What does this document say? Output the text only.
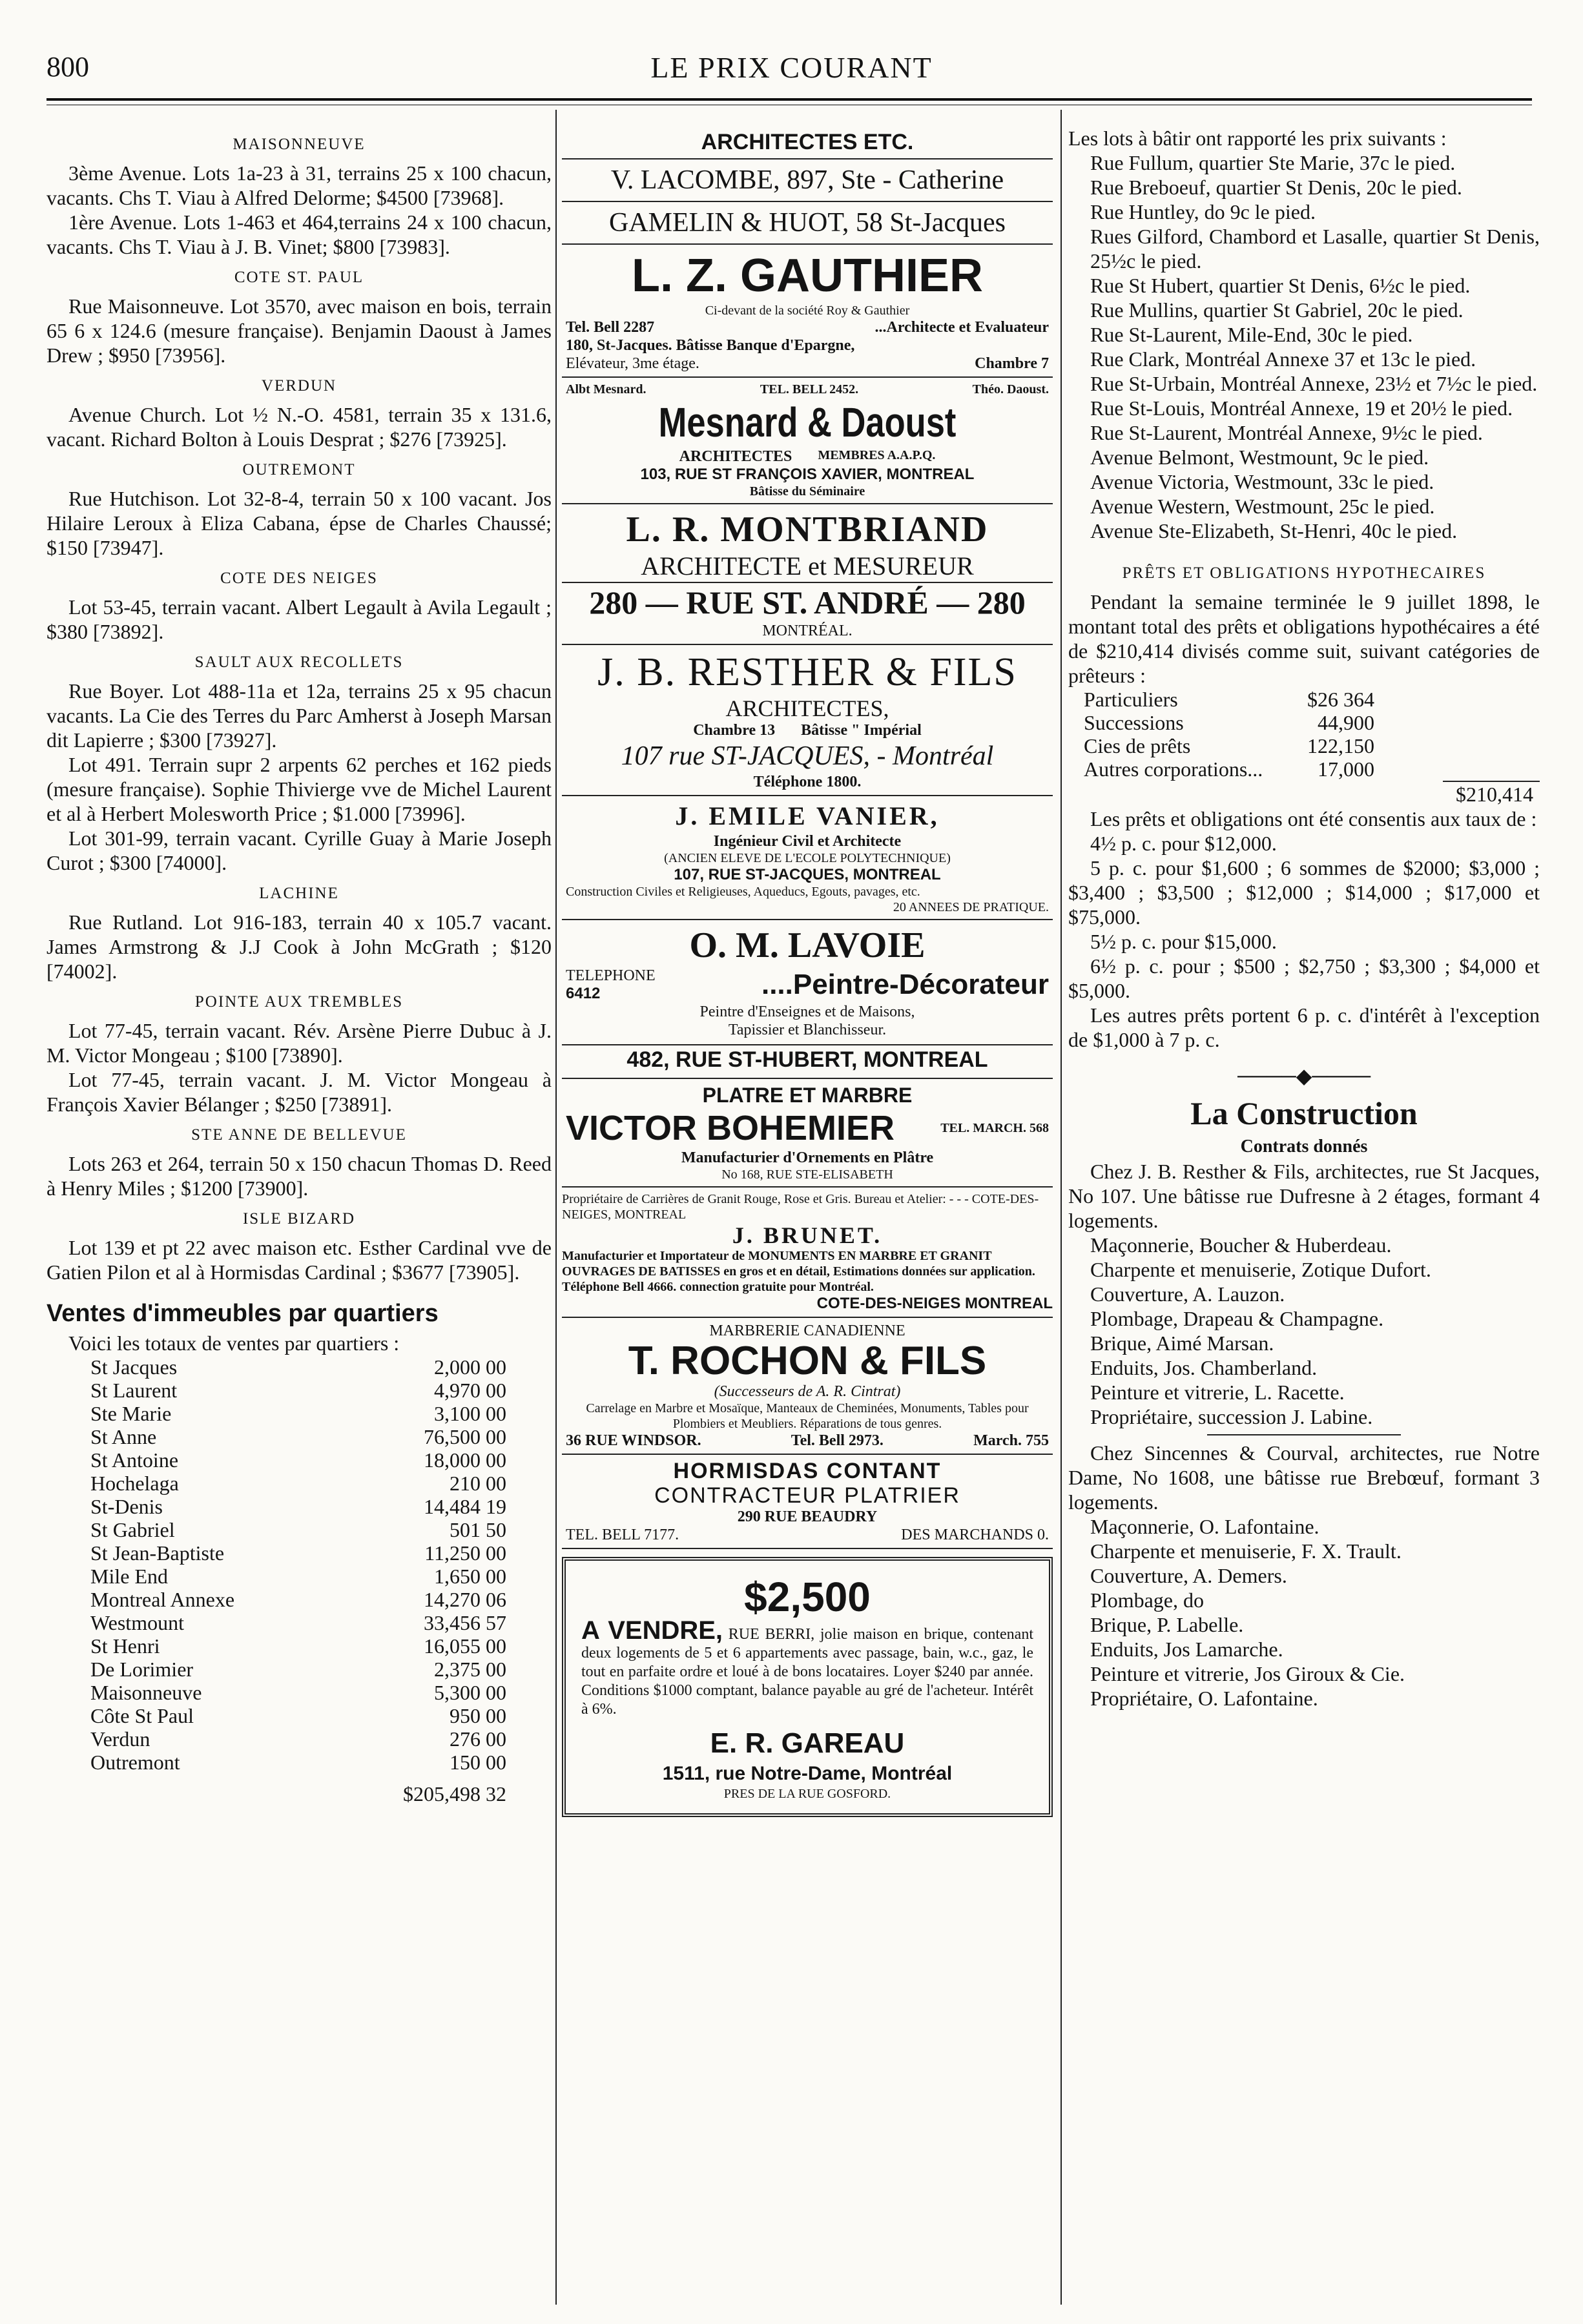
800	LE PRIX COURANT
MAISONNEUVE

3ème Avenue. Lots 1a-23 à 31, terrains 25 x 100 chacun, vacants. Chs T. Viau à Alfred Delorme; $4500 [73968].

1ère Avenue. Lots 1-463 et 464,terrains 24 x 100 chacun, vacants. Chs T. Viau à J. B. Vinet; $800 [73983].

COTE ST. PAUL

Rue Maisonneuve. Lot 3570, avec maison en bois, terrain 65 6 x 124.6 (mesure française). Benjamin Daoust à James Drew ; $950 [73956].

VERDUN

Avenue Church. Lot ½ N.-O. 4581, terrain 35 x 131.6, vacant. Richard Bolton à Louis Desprat ; $276 [73925].

OUTREMONT

Rue Hutchison. Lot 32-8-4, terrain 50 x 100 vacant. Jos Hilaire Leroux à Eliza Cabana, épse de Charles Chaussé; $150 [73947].

COTE DES NEIGES

Lot 53-45, terrain vacant. Albert Legault à Avila Legault ; $380 [73892].

SAULT AUX RECOLLETS

Rue Boyer. Lot 488-11a et 12a, terrains 25 x 95 chacun vacants. La Cie des Terres du Parc Amherst à Joseph Marsan dit Lapierre ; $300 [73927].

Lot 491. Terrain supr 2 arpents 62 perches et 162 pieds (mesure française). Sophie Thivierge vve de Michel Laurent et al à Herbert Molesworth Price ; $1.000 [73996].

Lot 301-99, terrain vacant. Cyrille Guay à Marie Joseph Curot ; $300 [74000].

LACHINE

Rue Rutland. Lot 916-183, terrain 40 x 105.7 vacant. James Armstrong & J.J Cook à John McGrath ; $120 [74002].

POINTE AUX TREMBLES

Lot 77-45, terrain vacant. Rév. Arsène Pierre Dubuc à J. M. Victor Mongeau ; $100 [73890].

Lot 77-45, terrain vacant. J. M. Victor Mongeau à François Xavier Bélanger ; $250 [73891].

STE ANNE DE BELLEVUE

Lots 263 et 264, terrain 50 x 150 chacun Thomas D. Reed à Henry Miles ; $1200 [73900].

ISLE BIZARD

Lot 139 et pt 22 avec maison etc. Esther Cardinal vve de Gatien Pilon et al à Hormisdas Cardinal ; $3677 [73905].

Ventes d'immeubles par quartiers

Voici les totaux de ventes par quartiers :

St Jacques	2,000 00
St Laurent	4,970 00
Ste Marie	3,100 00
St Anne	76,500 00
St Antoine	18,000 00
Hochelaga	210 00
St-Denis	14,484 19
St Gabriel	501 50
St Jean-Baptiste	11,250 00
Mile End	1,650 00
Montreal Annexe	14,270 06
Westmount	33,456 57
St Henri	16,055 00
De Lorimier	2,375 00
Maisonneuve	5,300 00
Côte St Paul	950 00
Verdun	276 00
Outremont	150 00
$205,498 32
ARCHITECTES ETC.
V. LACOMBE, 897, Ste - Catherine
GAMELIN & HUOT, 58 St-Jacques
L. Z. GAUTHIER
Ci-devant de la société Roy & Gauthier
Tel. Bell 2287	...Architecte et Evaluateur
180, St-Jacques. Bâtisse Banque d'Epargne,
Elévateur, 3me étage.	Chambre 7
Albt Mesnard.	TEL. BELL 2452.	Théo. Daoust.
Mesnard & Daoust
ARCHITECTES MEMBRES A.A.P.Q.
103, RUE ST FRANÇOIS XAVIER, MONTREAL
Bâtisse du Séminaire
L. R. MONTBRIAND
ARCHITECTE et MESUREUR
280 — RUE ST. ANDRÉ — 280
MONTRÉAL.
J. B. RESTHER & FILS
ARCHITECTES,
Chambre 13 Bâtisse " Impérial
107 rue ST-JACQUES, - Montréal
Téléphone 1800.
J. EMILE VANIER,
Ingénieur Civil et Architecte
(ANCIEN ELEVE DE L'ECOLE POLYTECHNIQUE)
107, RUE ST-JACQUES, MONTREAL
Construction Civiles et Religieuses, Aqueducs, Egouts, pavages, etc.
20 ANNEES DE PRATIQUE.
O. M. LAVOIE
TELEPHONE
6412	....Peintre-Décorateur
Peintre d'Enseignes et de Maisons,
Tapissier et Blanchisseur.
482, RUE ST-HUBERT, MONTREAL
PLATRE ET MARBRE
VICTOR BOHEMIER	TEL. MARCH. 568
Manufacturier d'Ornements en Plâtre
No 168, RUE STE-ELISABETH
Propriétaire de Carrières de Granit Rouge, Rose et Gris. Bureau et Atelier: - - - COTE-DES-NEIGES, MONTREAL
J. BRUNET.
Manufacturier et Importateur de MONUMENTS EN MARBRE ET GRANIT OUVRAGES DE BATISSES en gros et en détail, Estimations données sur application. Téléphone Bell 4666. connection gratuite pour Montréal.
COTE-DES-NEIGES MONTREAL
MARBRERIE CANADIENNE
T. ROCHON & FILS
(Successeurs de A. R. Cintrat)
Carrelage en Marbre et Mosaïque, Manteaux de Cheminées, Monuments, Tables pour Plombiers et Meubliers. Réparations de tous genres.
36 RUE WINDSOR.	Tel. Bell 2973.	March. 755
HORMISDAS CONTANT
CONTRACTEUR PLATRIER
290 RUE BEAUDRY
TEL. BELL 7177.	DES MARCHANDS 0.
$2,500
A VENDRE, RUE BERRI, jolie maison en brique, contenant deux logements de 5 et 6 appartements avec passage, bain, w.c., gaz, le tout en parfaite ordre et loué à de bons locataires. Loyer $240 par année. Conditions $1000 comptant, balance payable au gré de l'acheteur. Intérêt à 6%.
E. R. GAREAU
1511, rue Notre-Dame, Montréal
PRES DE LA RUE GOSFORD.

Les lots à bâtir ont rapporté les prix suivants :

Rue Fullum, quartier Ste Marie, 37c le pied.

Rue Breboeuf, quartier St Denis, 20c le pied.

Rue Huntley, do 9c le pied.

Rues Gilford, Chambord et Lasalle, quartier St Denis, 25½c le pied.

Rue St Hubert, quartier St Denis, 6½c le pied.

Rue Mullins, quartier St Gabriel, 20c le pied.

Rue St-Laurent, Mile-End, 30c le pied.

Rue Clark, Montréal Annexe 37 et 13c le pied.

Rue St-Urbain, Montréal Annexe, 23½ et 7½c le pied.

Rue St-Louis, Montréal Annexe, 19 et 20½ le pied.

Rue St-Laurent, Montréal Annexe, 9½c le pied.

Avenue Belmont, Westmount, 9c le pied.

Avenue Victoria, Westmount, 33c le pied.

Avenue Western, Westmount, 25c le pied.

Avenue Ste-Elizabeth, St-Henri, 40c le pied.

PRÊTS ET OBLIGATIONS HYPOTHECAIRES

Pendant la semaine terminée le 9 juillet 1898, le montant total des prêts et obligations hypothécaires a été de $210,414 divisés comme suit, suivant catégories de prêteurs :

Particuliers	$26 364
Successions	44,900
Cies de prêts	122,150
Autres corporations...	17,000
$210,414

Les prêts et obligations ont été consentis aux taux de :

4½ p. c. pour $12,000.

5 p. c. pour $1,600 ; 6 sommes de $2000; $3,000 ; $3,400 ; $3,500 ; $12,000 ; $14,000 ; $17,000 et $75,000.

5½ p. c. pour $15,000.

6½ p. c. pour ; $500 ; $2,750 ; $3,300 ; $4,000 et $5,000.

Les autres prêts portent 6 p. c. d'intérêt à l'exception de $1,000 à 7 p. c.

────◆────
La Construction
Contrats donnés

Chez J. B. Resther & Fils, architectes, rue St Jacques, No 107. Une bâtisse rue Dufresne à 2 étages, formant 4 logements.

Maçonnerie, Boucher & Huberdeau.
Charpente et menuiserie, Zotique Dufort.
Couverture, A. Lauzon.
Plombage, Drapeau & Champagne.
Brique, Aimé Marsan.
Enduits, Jos. Chamberland.
Peinture et vitrerie, L. Racette.
Propriétaire, succession J. Labine.

Chez Sincennes & Courval, architectes, rue Notre Dame, No 1608, une bâtisse rue Brebœuf, formant 3 logements.

Maçonnerie, O. Lafontaine.
Charpente et menuiserie, F. X. Trault.
Couverture, A. Demers.
Plombage, do
Brique, P. Labelle.
Enduits, Jos Lamarche.
Peinture et vitrerie, Jos Giroux & Cie.
Propriétaire, O. Lafontaine.
